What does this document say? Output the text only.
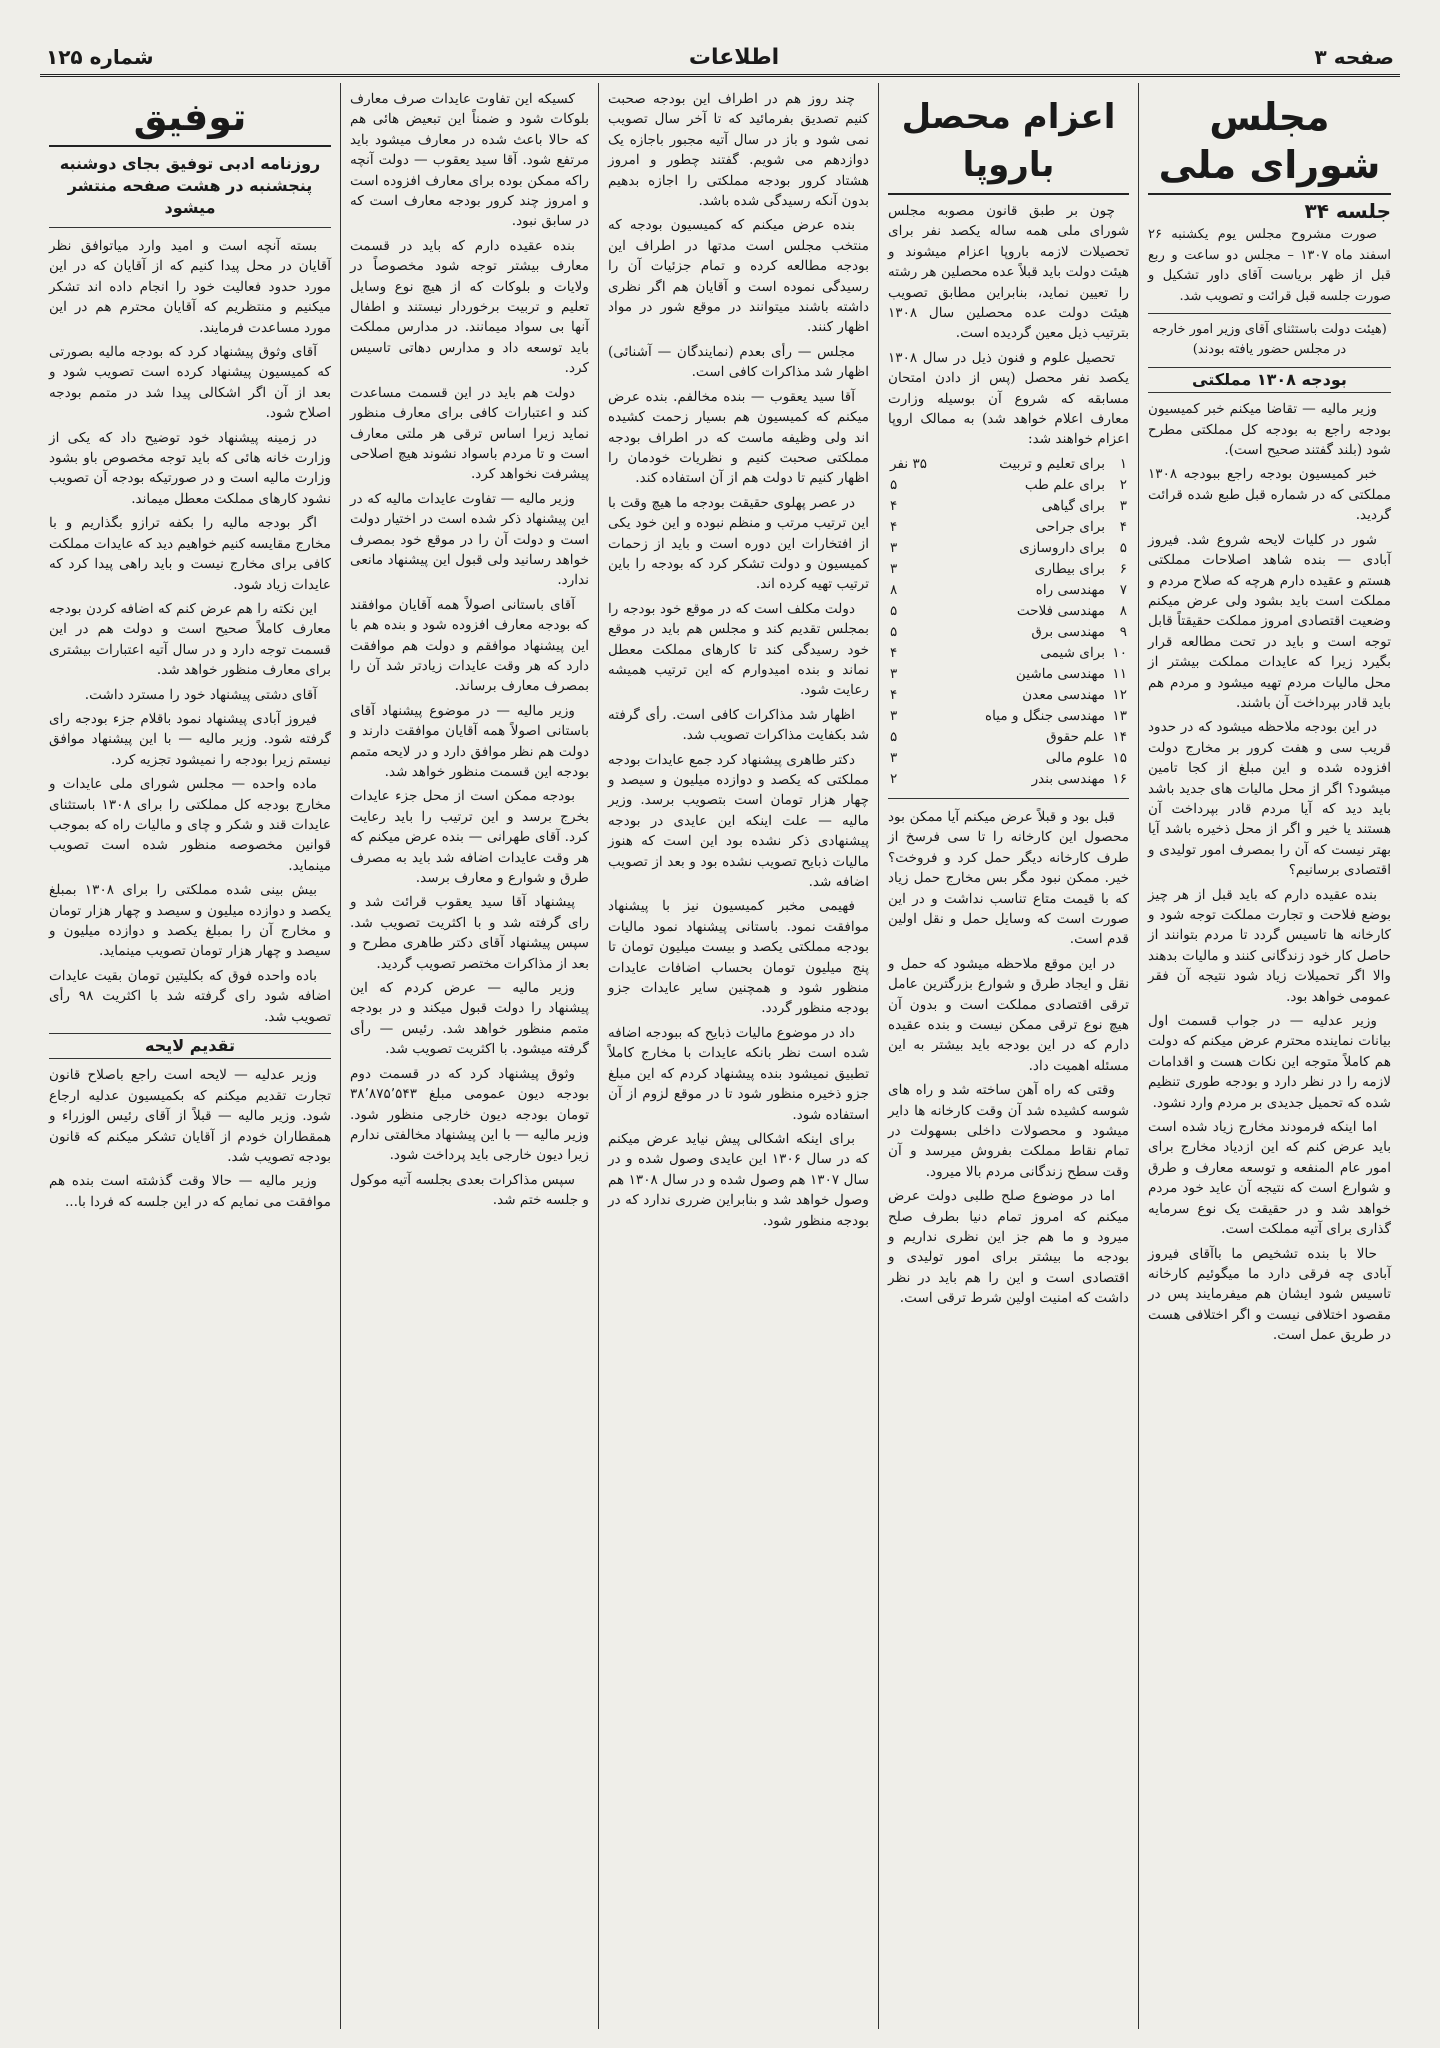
صفحه ۳
اطلاعات
شماره ۱۲۵
مجلس شورای ملی
جلسه ۳۴

صورت مشروح مجلس یوم یکشنبه ۲۶ اسفند ماه ۱۳۰۷ – مجلس دو ساعت و ربع قبل از ظهر بریاست آقای داور تشکیل و صورت جلسه قبل قرائت و تصویب شد.

(هیئت دولت باستثنای آقای وزیر امور خارجه در مجلس حضور یافته بودند)
بودجه ۱۳۰۸ مملکتی

وزیر مالیه — تقاضا میکنم خبر کمیسیون بودجه راجع به بودجه کل مملکتی مطرح شود (بلند گفتند صحیح است).

خبر کمیسیون بودجه راجع ببودجه ۱۳۰۸ مملکتی که در شماره قبل طبع شده قرائت گردید.

شور در کلیات لایحه شروع شد. فیروز آبادی — بنده شاهد اصلاحات مملکتی هستم و عقیده دارم هرچه که صلاح مردم و مملکت است باید بشود ولی عرض میکنم وضعیت اقتصادی امروز مملکت حقیقتاً قابل توجه است و باید در تحت مطالعه قرار بگیرد زیرا که عایدات مملکت بیشتر از محل مالیات مردم تهیه میشود و مردم هم باید قادر بپرداخت آن باشند.

در این بودجه ملاحظه میشود که در حدود قریب سی و هفت کرور بر مخارج دولت افزوده شده و این مبلغ از کجا تامین میشود؟ اگر از محل مالیات های جدید باشد باید دید که آیا مردم قادر بپرداخت آن هستند یا خیر و اگر از محل ذخیره باشد آیا بهتر نیست که آن را بمصرف امور تولیدی و اقتصادی برسانیم؟

بنده عقیده دارم که باید قبل از هر چیز بوضع فلاحت و تجارت مملکت توجه شود و کارخانه ها تاسیس گردد تا مردم بتوانند از حاصل کار خود زندگانی کنند و مالیات بدهند والا اگر تحمیلات زیاد شود نتیجه آن فقر عمومی خواهد بود.

وزیر عدلیه — در جواب قسمت اول بیانات نماینده محترم عرض میکنم که دولت هم کاملاً متوجه این نکات هست و اقدامات لازمه را در نظر دارد و بودجه طوری تنظیم شده که تحمیل جدیدی بر مردم وارد نشود.

اما اینکه فرمودند مخارج زیاد شده است باید عرض کنم که این ازدیاد مخارج برای امور عام المنفعه و توسعه معارف و طرق و شوارع است که نتیجه آن عاید خود مردم خواهد شد و در حقیقت یک نوع سرمایه گذاری برای آتیه مملکت است.

حالا با بنده تشخیص ما باآقای فیروز آبادی چه فرقی دارد ما میگوئیم کارخانه تاسیس شود ایشان هم میفرمایند پس در مقصود اختلافی نیست و اگر اختلافی هست در طریق عمل است.

اعزام محصل باروپا

چون بر طبق قانون مصوبه مجلس شورای ملی همه ساله یکصد نفر برای تحصیلات لازمه باروپا اعزام میشوند و هیئت دولت باید قبلاً عده محصلین هر رشته را تعیین نماید، بنابراین مطابق تصویب هیئت دولت عده محصلین سال ۱۳۰۸ بترتیب ذیل معین گردیده است.

تحصیل علوم و فنون ذیل در سال ۱۳۰۸ یکصد نفر محصل (پس از دادن امتحان مسابقه که شروع آن بوسیله وزارت معارف اعلام خواهد شد) به ممالک اروپا اعزام خواهند شد:

۱	برای تعلیم و تربیت	۳۵ نفر
۲	برای علم طب	۵
۳	برای گیاهی	۴
۴	برای جراحی	۴
۵	برای داروسازی	۳
۶	برای بیطاری	۳
۷	مهندسی راه	۸
۸	مهندسی فلاحت	۵
۹	مهندسی برق	۵
۱۰	برای شیمی	۴
۱۱	مهندسی ماشین	۳
۱۲	مهندسی معدن	۴
۱۳	مهندسی جنگل و میاه	۳
۱۴	علم حقوق	۵
۱۵	علوم مالی	۳
۱۶	مهندسی بندر	۲

قبل بود و قبلاً عرض میکنم آیا ممکن بود محصول این کارخانه را تا سی فرسخ از طرف کارخانه دیگر حمل کرد و فروخت؟ خیر. ممکن نبود مگر بس مخارج حمل زیاد که با قیمت متاع تناسب نداشت و در این صورت است که وسایل حمل و نقل اولین قدم است.

در این موقع ملاحظه میشود که حمل و نقل و ایجاد طرق و شوارع بزرگترین عامل ترقی اقتصادی مملکت است و بدون آن هیچ نوع ترقی ممکن نیست و بنده عقیده دارم که در این بودجه باید بیشتر به این مسئله اهمیت داد.

وقتی که راه آهن ساخته شد و راه های شوسه کشیده شد آن وقت کارخانه ها دایر میشود و محصولات داخلی بسهولت در تمام نقاط مملکت بفروش میرسد و آن وقت سطح زندگانی مردم بالا میرود.

اما در موضوع صلح طلبی دولت عرض میکنم که امروز تمام دنیا بطرف صلح میرود و ما هم جز این نظری نداریم و بودجه ما بیشتر برای امور تولیدی و اقتصادی است و این را هم باید در نظر داشت که امنیت اولین شرط ترقی است.

چند روز هم در اطراف این بودجه صحبت کنیم تصدیق بفرمائید که تا آخر سال تصویب نمی شود و باز در سال آتیه مجبور باجازه یک دوازدهم می شویم. گفتند چطور و امروز هشتاد کرور بودجه مملکتی را اجازه بدهیم بدون آنکه رسیدگی شده باشد.

بنده عرض میکنم که کمیسیون بودجه که منتخب مجلس است مدتها در اطراف این بودجه مطالعه کرده و تمام جزئیات آن را رسیدگی نموده است و آقایان هم اگر نظری داشته باشند میتوانند در موقع شور در مواد اظهار کنند.

مجلس — رأی بعدم (نمایندگان — آشنائی) اظهار شد مذاکرات کافی است.

آقا سید یعقوب — بنده مخالفم. بنده عرض میکنم که کمیسیون هم بسیار زحمت کشیده اند ولی وظیفه ماست که در اطراف بودجه مملکتی صحبت کنیم و نظریات خودمان را اظهار کنیم تا دولت هم از آن استفاده کند.

در عصر پهلوی حقیقت بودجه ما هیچ وقت با این ترتیب مرتب و منظم نبوده و این خود یکی از افتخارات این دوره است و باید از زحمات کمیسیون و دولت تشکر کرد که بودجه را باین ترتیب تهیه کرده اند.

دولت مکلف است که در موقع خود بودجه را بمجلس تقدیم کند و مجلس هم باید در موقع خود رسیدگی کند تا کارهای مملکت معطل نماند و بنده امیدوارم که این ترتیب همیشه رعایت شود.

اظهار شد مذاکرات کافی است. رأی گرفته شد بکفایت مذاکرات تصویب شد.

دکتر طاهری پیشنهاد کرد جمع عایدات بودجه مملکتی که یکصد و دوازده میلیون و سیصد و چهار هزار تومان است بتصویب برسد. وزیر مالیه — علت اینکه این عایدی در بودجه پیشنهادی ذکر نشده بود این است که هنوز مالیات ذبایح تصویب نشده بود و بعد از تصویب اضافه شد.

فهیمی مخبر کمیسیون نیز با پیشنهاد موافقت نمود. باستانی پیشنهاد نمود مالیات بودجه مملکتی یکصد و بیست میلیون تومان تا پنج میلیون تومان بحساب اضافات عایدات منظور شود و همچنین سایر عایدات جزو بودجه منظور گردد.

داد در موضوع مالیات ذبایح که ببودجه اضافه شده است نظر بانکه عایدات با مخارج کاملاً تطبیق نمیشود بنده پیشنهاد کردم که این مبلغ جزو ذخیره منظور شود تا در موقع لزوم از آن استفاده شود.

برای اینکه اشکالی پیش نیاید عرض میکنم که در سال ۱۳۰۶ این عایدی وصول شده و در سال ۱۳۰۷ هم وصول شده و در سال ۱۳۰۸ هم وصول خواهد شد و بنابراین ضرری ندارد که در بودجه منظور شود.

کسیکه این تفاوت عایدات صرف معارف بلوکات شود و ضمناً این تبعیض هائی هم که حالا باعث شده در معارف میشود باید مرتفع شود. آقا سید یعقوب — دولت آنچه راکه ممکن بوده برای معارف افزوده است و امروز چند کرور بودجه معارف است که در سابق نبود.

بنده عقیده دارم که باید در قسمت معارف بیشتر توجه شود مخصوصاً در ولایات و بلوکات که از هیچ نوع وسایل تعلیم و تربیت برخوردار نیستند و اطفال آنها بی سواد میمانند. در مدارس مملکت باید توسعه داد و مدارس دهاتی تاسیس کرد.

دولت هم باید در این قسمت مساعدت کند و اعتبارات کافی برای معارف منظور نماید زیرا اساس ترقی هر ملتی معارف است و تا مردم باسواد نشوند هیچ اصلاحی پیشرفت نخواهد کرد.

وزیر مالیه — تفاوت عایدات مالیه که در این پیشنهاد ذکر شده است در اختیار دولت است و دولت آن را در موقع خود بمصرف خواهد رسانید ولی قبول این پیشنهاد مانعی ندارد.

آقای باستانی اصولاً همه آقایان موافقند که بودجه معارف افزوده شود و بنده هم با این پیشنهاد موافقم و دولت هم موافقت دارد که هر وقت عایدات زیادتر شد آن را بمصرف معارف برساند.

وزیر مالیه — در موضوع پیشنهاد آقای باستانی اصولاً همه آقایان موافقت دارند و دولت هم نظر موافق دارد و در لایحه متمم بودجه این قسمت منظور خواهد شد.

بودجه ممکن است از محل جزء عایدات بخرج برسد و این ترتیب را باید رعایت کرد. آقای طهرانی — بنده عرض میکنم که هر وقت عایدات اضافه شد باید به مصرف طرق و شوارع و معارف برسد.

پیشنهاد آقا سید یعقوب قرائت شد و رای گرفته شد و با اکثریت تصویب شد. سپس پیشنهاد آقای دکتر طاهری مطرح و بعد از مذاکرات مختصر تصویب گردید.

وزیر مالیه — عرض کردم که این پیشنهاد را دولت قبول میکند و در بودجه متمم منظور خواهد شد. رئیس — رأی گرفته میشود. با اکثریت تصویب شد.

وثوق پیشنهاد کرد که در قسمت دوم بودجه دیون عمومی مبلغ ۳۸٬۸۷۵٬۵۴۳ تومان بودجه دیون خارجی منظور شود. وزیر مالیه — با این پیشنهاد مخالفتی ندارم زیرا دیون خارجی باید پرداخت شود.

سپس مذاکرات بعدی بجلسه آتیه موکول و جلسه ختم شد.

توفیق
روزنامه ادبی توفیق بجای دوشنبه پنجشنبه در هشت صفحه منتشر میشود

بسته آنچه است و امید وارد میاتوافق نظر آقایان در محل پیدا کنیم که از آقایان که در این مورد حدود فعالیت خود را انجام داده اند تشکر میکنیم و منتظریم که آقایان محترم هم در این مورد مساعدت فرمایند.

آقای وثوق پیشنهاد کرد که بودجه مالیه بصورتی که کمیسیون پیشنهاد کرده است تصویب شود و بعد از آن اگر اشکالی پیدا شد در متمم بودجه اصلاح شود.

در زمینه پیشنهاد خود توضیح داد که یکی از وزارت خانه هائی که باید توجه مخصوص باو بشود وزارت مالیه است و در صورتیکه بودجه آن تصویب نشود کارهای مملکت معطل میماند.

اگر بودجه مالیه را بکفه ترازو بگذاریم و با مخارج مقایسه کنیم خواهیم دید که عایدات مملکت کافی برای مخارج نیست و باید راهی پیدا کرد که عایدات زیاد شود.

این نکته را هم عرض کنم که اضافه کردن بودجه معارف کاملاً صحیح است و دولت هم در این قسمت توجه دارد و در سال آتیه اعتبارات بیشتری برای معارف منظور خواهد شد.

آقای دشتی پیشنهاد خود را مسترد داشت.

فیروز آبادی پیشنهاد نمود باقلام جزء بودجه رای گرفته شود. وزیر مالیه — با این پیشنهاد موافق نیستم زیرا بودجه را نمیشود تجزیه کرد.

ماده واحده — مجلس شورای ملی عایدات و مخارج بودجه کل مملکتی را برای ۱۳۰۸ باستثنای عایدات قند و شکر و چای و مالیات راه که بموجب قوانین مخصوصه منظور شده است تصویب مینماید.

بیش بینی شده مملکتی را برای ۱۳۰۸ بمبلغ یکصد و دوازده میلیون و سیصد و چهار هزار تومان و مخارج آن را بمبلغ یکصد و دوازده میلیون و سیصد و چهار هزار تومان تصویب مینماید.

باده واحده فوق که بکلیتین تومان بقیت عایدات اضافه شود رای گرفته شد با اکثریت ۹۸ رأی تصویب شد.

تقدیم لایحه

وزیر عدلیه — لایحه است راجع باصلاح قانون تجارت تقدیم میکنم که بکمیسیون عدلیه ارجاع شود. وزیر مالیه — قبلاً از آقای رئیس الوزراء و همقطاران خودم از آقایان تشکر میکنم که قانون بودجه تصویب شد.

وزیر مالیه — حالا وقت گذشته است بنده هم موافقت می نمایم که در این جلسه که فردا با...
